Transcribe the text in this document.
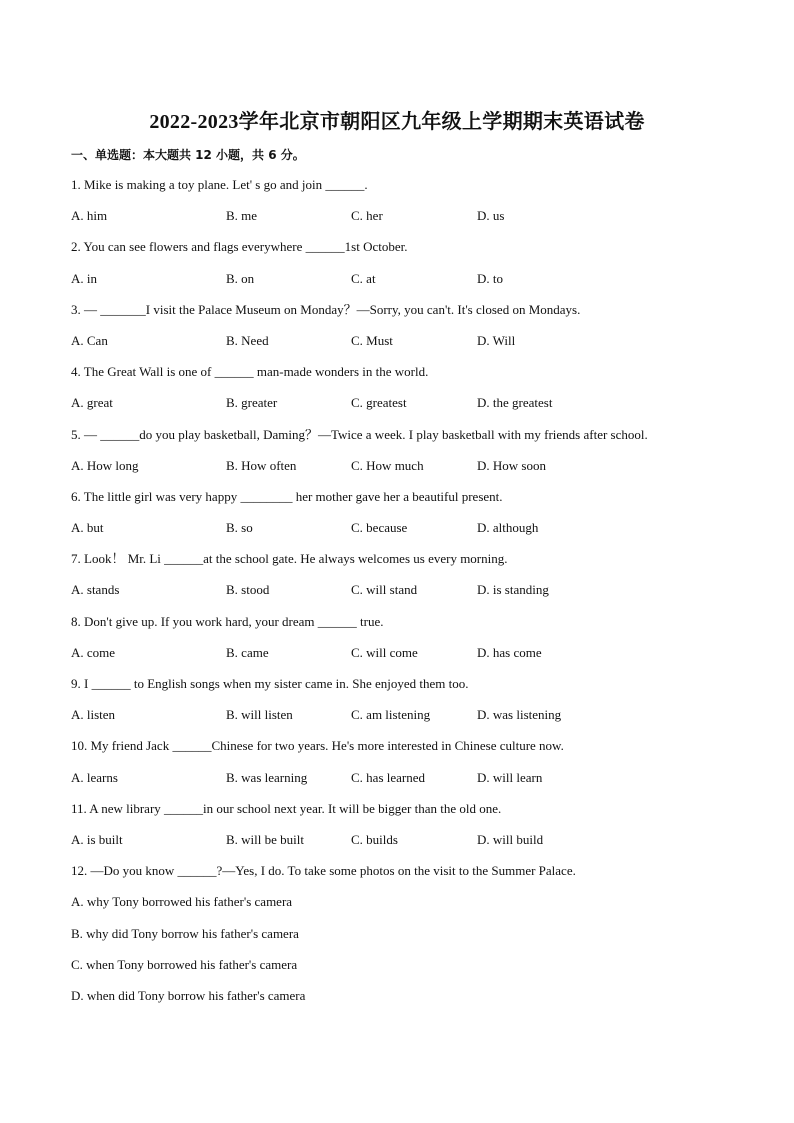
2022-2023学年北京市朝阳区九年级上学期期末英语试卷

一、单选题：本大题共 12 小题，共 6 分。

1. Mike is making a toy plane. Let' s go and join ______.
A. him	B. me	C. her	D. us
2. You can see flowers and flags everywhere ______1st October.
A. in	B. on	C. at	D. to
3. — _______I visit the Palace Museum on Monday？—Sorry, you can't. It's closed on Mondays.
A. Can	B. Need	C. Must	D. Will
4. The Great Wall is one of ______ man-made wonders in the world.
A. great	B. greater	C. greatest	D. the greatest
5. — ______do you play basketball, Daming？—Twice a week. I play basketball with my friends after school.
A. How long	B. How often	C. How much	D. How soon
6. The little girl was very happy ________ her mother gave her a beautiful present.
A. but	B. so	C. because	D. although
7. Look！ Mr. Li ______at the school gate. He always welcomes us every morning.
A. stands	B. stood	C. will stand	D. is standing
8. Don't give up. If you work hard, your dream ______ true.
A. come	B. came	C. will come	D. has come
9. I ______ to English songs when my sister came in. She enjoyed them too.
A. listen	B. will listen	C. am listening	D. was listening
10. My friend Jack ______Chinese for two years. He's more interested in Chinese culture now.
A. learns	B. was learning	C. has learned	D. will learn
11. A new library ______in our school next year. It will be bigger than the old one.
A. is built	B. will be built	C. builds	D. will build
12. —Do you know ______?—Yes, I do. To take some photos on the visit to the Summer Palace.
A. why Tony borrowed his father's camera
B. why did Tony borrow his father's camera
C. when Tony borrowed his father's camera
D. when did Tony borrow his father's camera
